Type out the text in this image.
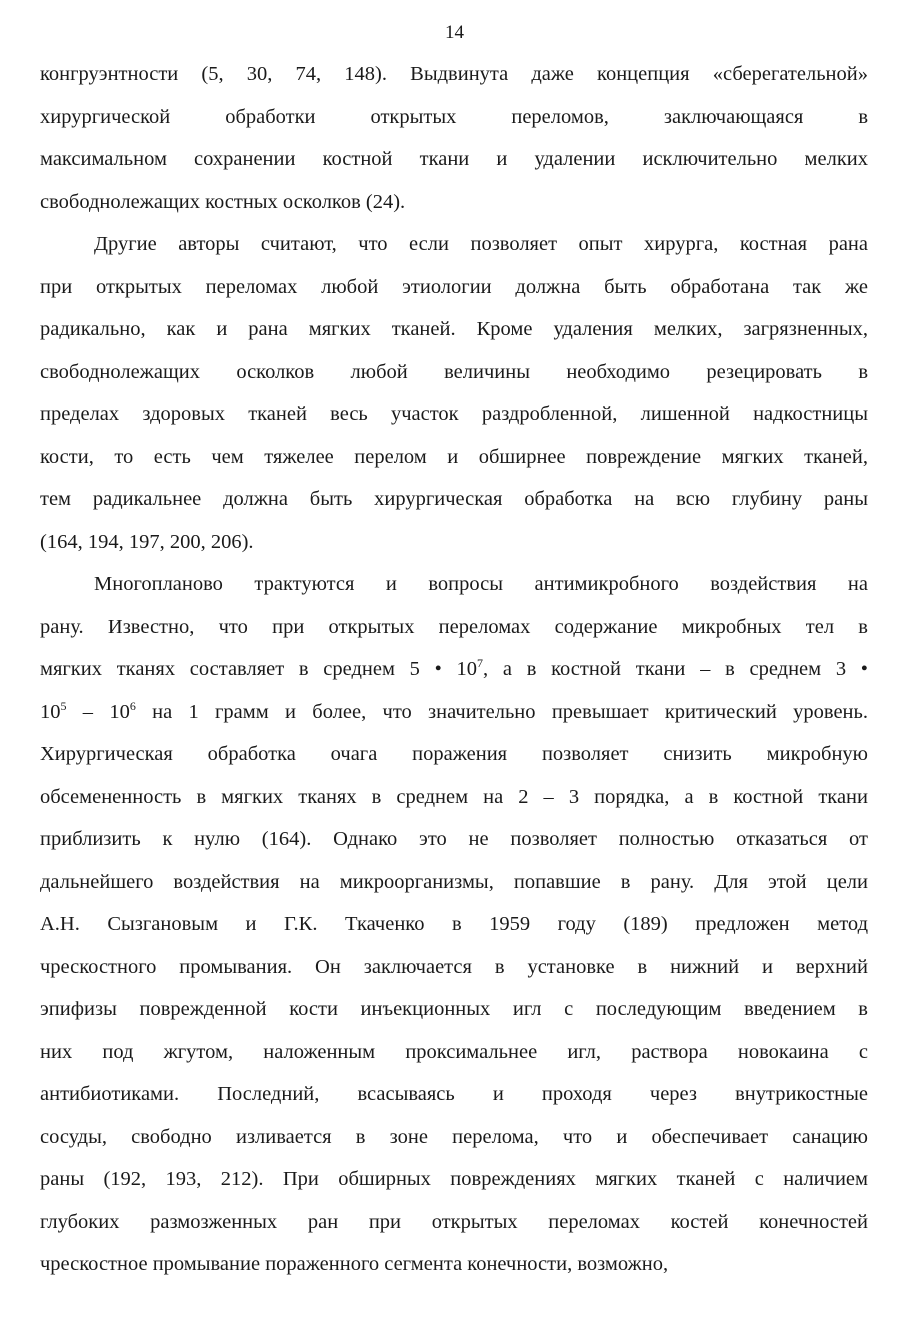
14
конгруэнтности (5, 30, 74, 148). Выдвинута даже концепция «сберегательной»
хирургической обработки открытых переломов, заключающаяся в
максимальном сохранении костной ткани и удалении исключительно мелких
свободнолежащих костных осколков (24).
Другие авторы считают, что если позволяет опыт хирурга, костная рана
при открытых переломах любой этиологии должна быть обработана так же
радикально, как и рана мягких тканей. Кроме удаления мелких, загрязненных,
свободнолежащих осколков любой величины необходимо резецировать в
пределах здоровых тканей весь участок раздробленной, лишенной надкостницы
кости, то есть чем тяжелее перелом и обширнее повреждение мягких тканей,
тем радикальнее должна быть хирургическая обработка на всю глубину раны
(164, 194, 197, 200, 206).
Многопланово трактуются и вопросы антимикробного воздействия на
рану. Известно, что при открытых переломах содержание микробных тел в
мягких тканях составляет в среднем 5 • $10^7$, а в костной ткани – в среднем 3 •
$10^5 - 10^6$ на 1 грамм и более, что значительно превышает критический уровень.
Хирургическая обработка очага поражения позволяет снизить микробную
обсемененность в мягких тканях в среднем на 2 – 3 порядка, а в костной ткани
приблизить к нулю (164). Однако это не позволяет полностью отказаться от
дальнейшего воздействия на микроорганизмы, попавшие в рану. Для этой цели
А.Н. Сызгановым и Г.К. Ткаченко в 1959 году (189) предложен метод
чрескостного промывания. Он заключается в установке в нижний и верхний
эпифизы поврежденной кости инъекционных игл с последующим введением в
них под жгутом, наложенным проксимальнее игл, раствора новокаина с
антибиотиками. Последний, всасываясь и проходя через внутрикостные
сосуды, свободно изливается в зоне перелома, что и обеспечивает санацию
раны (192, 193, 212). При обширных повреждениях мягких тканей с наличием
глубоких размозженных ран при открытых переломах костей конечностей
чрескостное промывание пораженного сегмента конечности, возможно,
